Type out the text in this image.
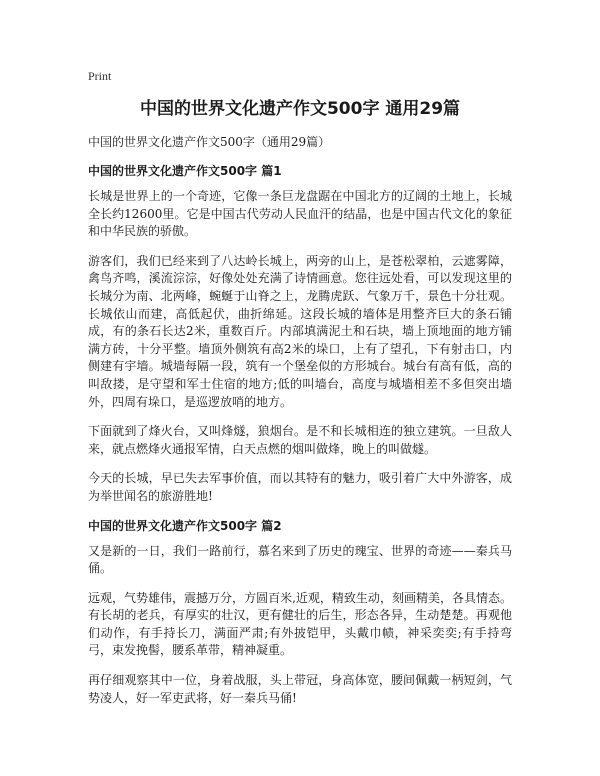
Print
中国的世界文化遗产作文500字 通用29篇
中国的世界文化遗产作文500字（通用29篇）
中国的世界文化遗产作文500字 篇1

长城是世界上的一个奇迹，它像一条巨龙盘踞在中国北方的辽阔的土地上，长城全长约12600里。它是中国古代劳动人民血汗的结晶，也是中国古代文化的象征和中华民族的骄傲。

游客们，我们已经来到了八达岭长城上，两旁的山上，是苍松翠柏，云遮雾障，禽鸟齐鸣，溪流淙淙，好像处处充满了诗情画意。您往远处看，可以发现这里的长城分为南、北两峰，蜿蜒于山脊之上，龙腾虎跃、气象万千，景色十分壮观。长城依山而建，高低起伏，曲折绵延。这段长城的墙体是用整齐巨大的条石铺成，有的条石长达2米，重数百斤。内部填满泥土和石块，墙上顶地面的地方铺满方砖，十分平整。墙顶外侧筑有高2米的垛口，上有了望孔，下有射击口，内侧建有宇墙。城墙每隔一段，筑有一个堡垒似的方形城台。城台有高有低，高的叫敌搂，是守望和军士住宿的地方;低的叫墙台，高度与城墙相差不多但突出墙外，四周有垛口，是巡逻放哨的地方。

下面就到了烽火台，又叫烽燧，狼烟台。是不和长城相连的独立建筑。一旦敌人来，就点燃烽火通报军情，白天点燃的烟叫做烽，晚上的叫做燧。

今天的长城，早已失去军事价值，而以其特有的魅力，吸引着广大中外游客，成为举世闻名的旅游胜地!

中国的世界文化遗产作文500字 篇2

又是新的一日，我们一路前行，慕名来到了历史的瑰宝、世界的奇迹——秦兵马俑。

远观，气势雄伟，震撼万分，方圆百米,近观，精致生动，刻画精美，各具情态。有长胡的老兵，有厚实的壮汉，更有健壮的后生，形态各异，生动楚楚。再观他们动作，有手持长刀，满面严肃;有外披铠甲，头戴巾帻，神采奕奕;有手持弯弓，束发挽髻，腰系革带，精神凝重。

再仔细观察其中一位，身着战服，头上带冠，身高体宽，腰间佩戴一柄短剑，气势凌人，好一军吏武将，好一秦兵马俑!
